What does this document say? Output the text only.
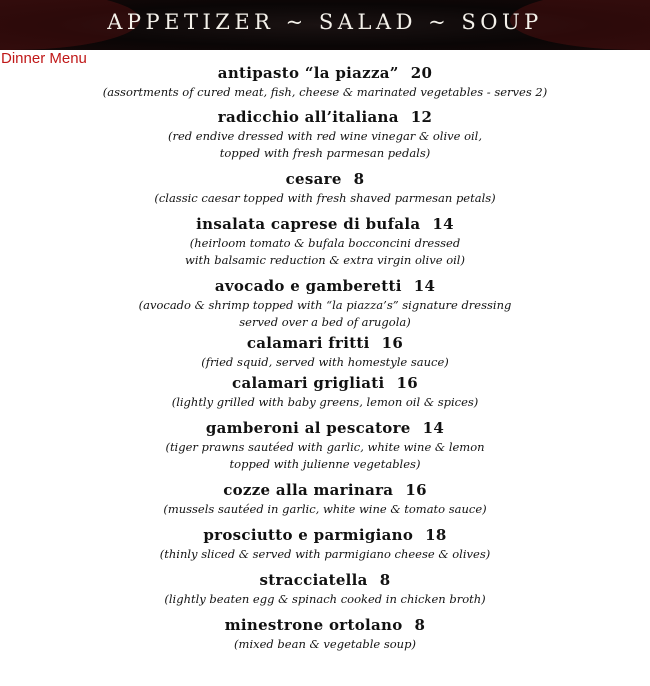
APPETIZER ~ SALAD ~ SOUP
Dinner Menu
antipasto “la piazza” 20
(assortments of cured meat, fish, cheese & marinated vegetables - serves 2)
radicchio all’italiana 12
(red endive dressed with red wine vinegar & olive oil,
topped with fresh parmesan pedals)
cesare 8
(classic caesar topped with fresh shaved parmesan petals)
insalata caprese di bufala 14
(heirloom tomato & bufala bocconcini dressed
with balsamic reduction & extra virgin olive oil)
avocado e gamberetti 14
(avocado & shrimp topped with “la piazza’s” signature dressing
served over a bed of arugola)
calamari fritti 16
(fried squid, served with homestyle sauce)
calamari grigliati 16
(lightly grilled with baby greens, lemon oil & spices)
gamberoni al pescatore 14
(tiger prawns sautéed with garlic, white wine & lemon
topped with julienne vegetables)
cozze alla marinara 16
(mussels sautéed in garlic, white wine & tomato sauce)
prosciutto e parmigiano 18
(thinly sliced & served with parmigiano cheese & olives)
stracciatella 8
(lightly beaten egg & spinach cooked in chicken broth)
minestrone ortolano 8
(mixed bean & vegetable soup)
